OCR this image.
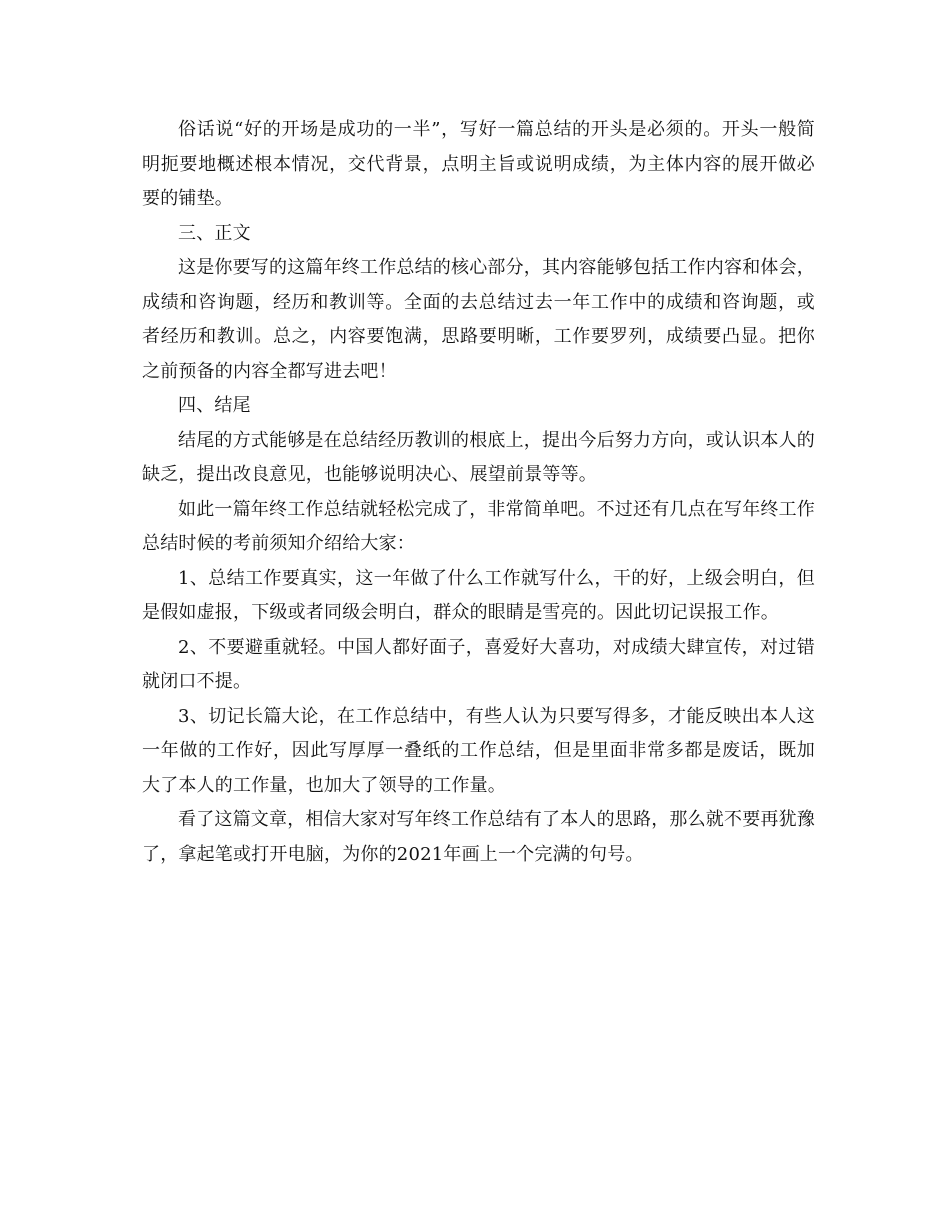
俗话说“好的开场是成功的一半”，写好一篇总结的开头是必须的。开头一般简明扼要地概述根本情况，交代背景，点明主旨或说明成绩，为主体内容的展开做必要的铺垫。

三、正文

这是你要写的这篇年终工作总结的核心部分，其内容能够包括工作内容和体会，成绩和咨询题，经历和教训等。全面的去总结过去一年工作中的成绩和咨询题，或者经历和教训。总之，内容要饱满，思路要明晰，工作要罗列，成绩要凸显。把你之前预备的内容全都写进去吧！

四、结尾

结尾的方式能够是在总结经历教训的根底上，提出今后努力方向，或认识本人的缺乏，提出改良意见，也能够说明决心、展望前景等等。

如此一篇年终工作总结就轻松完成了，非常简单吧。不过还有几点在写年终工作总结时候的考前须知介绍给大家：

1、总结工作要真实，这一年做了什么工作就写什么，干的好，上级会明白，但是假如虚报，下级或者同级会明白，群众的眼睛是雪亮的。因此切记误报工作。

2、不要避重就轻。中国人都好面子，喜爱好大喜功，对成绩大肆宣传，对过错就闭口不提。

3、切记长篇大论，在工作总结中，有些人认为只要写得多，才能反映出本人这一年做的工作好，因此写厚厚一叠纸的工作总结，但是里面非常多都是废话，既加大了本人的工作量，也加大了领导的工作量。

看了这篇文章，相信大家对写年终工作总结有了本人的思路，那么就不要再犹豫了，拿起笔或打开电脑，为你的2021年画上一个完满的句号。
